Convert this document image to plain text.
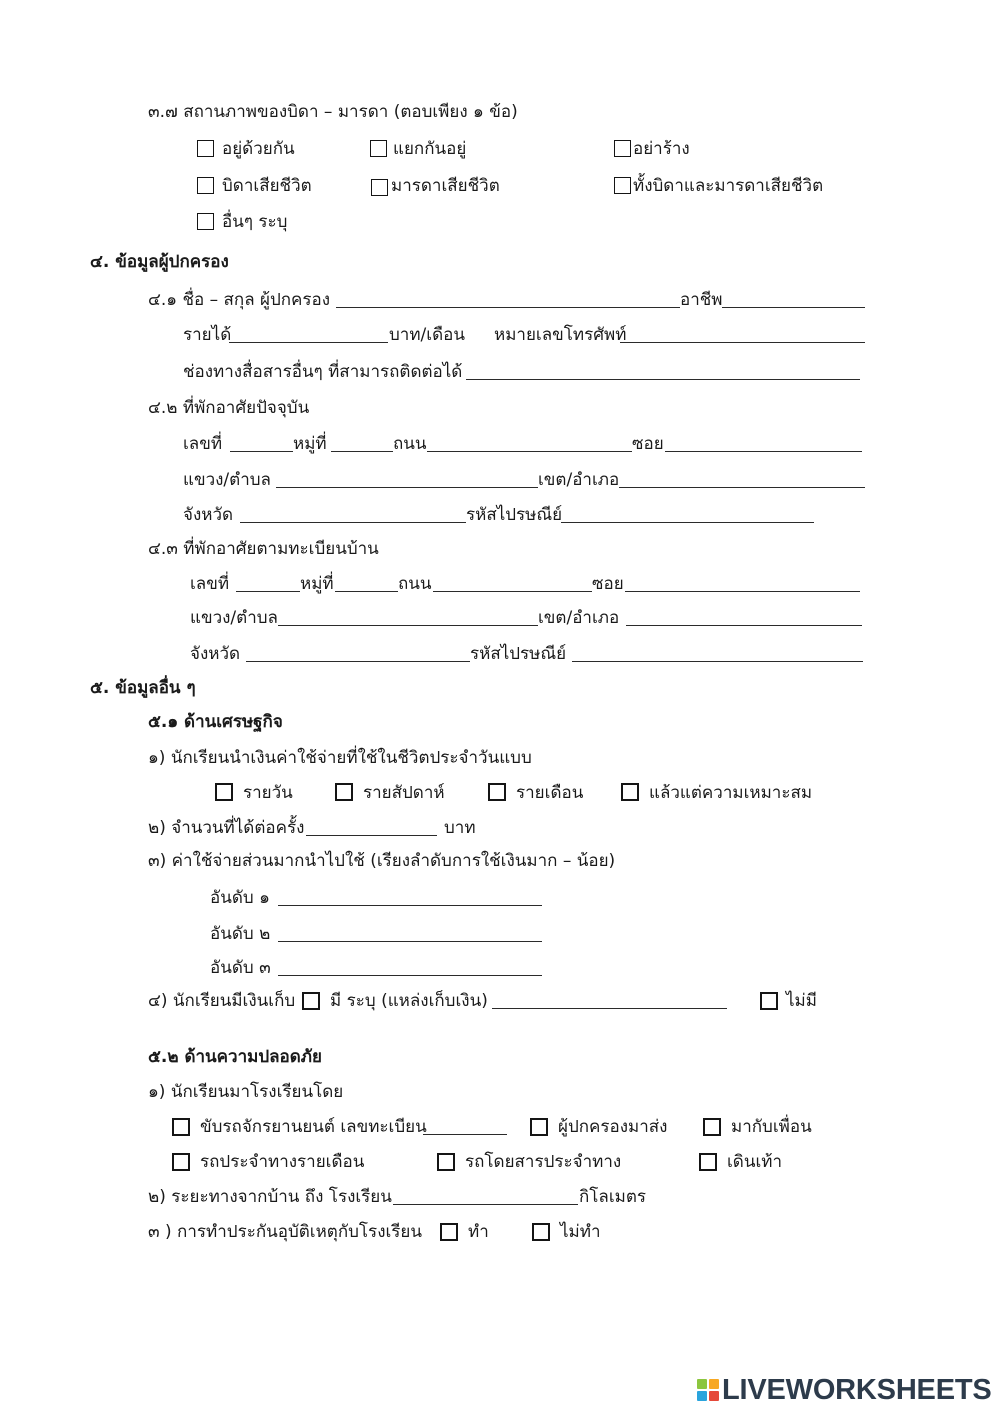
๓.๗ สถานภาพของบิดา – มารดา (ตอบเพียง ๑ ข้อ)
อยู่ด้วยกัน	แยกกันอยู่	อย่าร้าง
บิดาเสียชีวิต	มารดาเสียชีวิต	ทั้งบิดาและมารดาเสียชีวิต
อื่นๆ ระบุ
๔. ข้อมูลผู้ปกครอง
๔.๑ ชื่อ – สกุล ผู้ปกครอง	อาชีพ
รายได้	บาท/เดือน หมายเลขโทรศัพท์
ช่องทางสื่อสารอื่นๆ ที่สามารถติดต่อได้
๔.๒ ที่พักอาศัยปัจจุบัน
เลขที่	หมู่ที่	ถนน	ซอย
แขวง/ตำบล	เขต/อำเภอ
จังหวัด	รหัสไปรษณีย์
๔.๓ ที่พักอาศัยตามทะเบียนบ้าน
เลขที่	หมู่ที่	ถนน	ซอย
แขวง/ตำบล	เขต/อำเภอ
จังหวัด	รหัสไปรษณีย์
๕. ข้อมูลอื่น ๆ
๕.๑ ด้านเศรษฐกิจ
๑) นักเรียนนำเงินค่าใช้จ่ายที่ใช้ในชีวิตประจำวันแบบ
รายวัน	รายสัปดาห์	รายเดือน	แล้วแต่ความเหมาะสม
๒) จำนวนที่ได้ต่อครั้ง	บาท
๓) ค่าใช้จ่ายส่วนมากนำไปใช้ (เรียงลำดับการใช้เงินมาก – น้อย)
อันดับ ๑
อันดับ ๒
อันดับ ๓
๔) นักเรียนมีเงินเก็บ มี ระบุ (แหล่งเก็บเงิน)	ไม่มี
๕.๒ ด้านความปลอดภัย
๑) นักเรียนมาโรงเรียนโดย
ขับรถจักรยานยนต์ เลขทะเบียน	ผู้ปกครองมาส่ง	มากับเพื่อน
รถประจำทางรายเดือน	รถโดยสารประจำทาง	เดินเท้า
๒) ระยะทางจากบ้าน ถึง โรงเรียน	กิโลเมตร
๓ ) การทำประกันอุบัติเหตุกับโรงเรียน	ทำ	ไม่ทำ
LIVEWORKSHEETS
